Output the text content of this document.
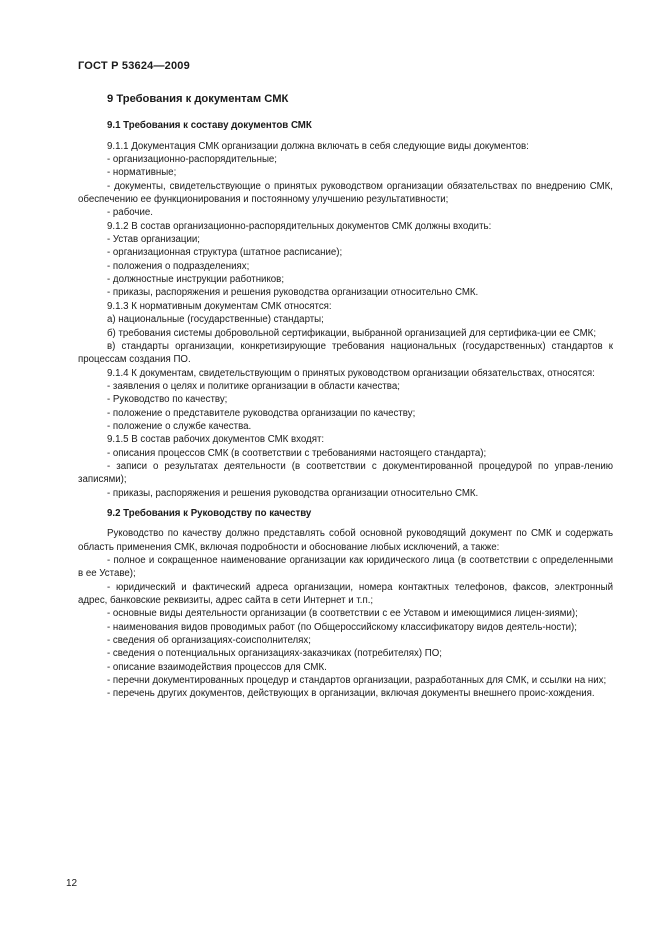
ГОСТ Р 53624—2009

9 Требования к документам СМК

9.1 Требования к составу документов СМК

9.1.1 Документация СМК организации должна включать в себя следующие виды документов:

- организационно-распорядительные;

- нормативные;

- документы, свидетельствующие о принятых руководством организации обязательствах по внедрению СМК, обеспечению ее функционирования и постоянному улучшению результативности;

- рабочие.

9.1.2 В состав организационно-распорядительных документов СМК должны входить:

- Устав организации;

- организационная структура (штатное расписание);

- положения о подразделениях;

- должностные инструкции работников;

- приказы, распоряжения и решения руководства организации относительно СМК.

9.1.3 К нормативным документам СМК относятся:

а) национальные (государственные) стандарты;

б) требования системы добровольной сертификации, выбранной организацией для сертифика-ции ее СМК;

в) стандарты организации, конкретизирующие требования национальных (государственных) стандартов к процессам создания ПО.

9.1.4 К документам, свидетельствующим о принятых руководством организации обязательствах, относятся:

- заявления о целях и политике организации в области качества;

- Руководство по качеству;

- положение о представителе руководства организации по качеству;

- положение о службе качества.

9.1.5 В состав рабочих документов СМК входят:

- описания процессов СМК (в соответствии с требованиями настоящего стандарта);

- записи о результатах деятельности (в соответствии с документированной процедурой по управ-лению записями);

- приказы, распоряжения и решения руководства организации относительно СМК.

9.2 Требования к Руководству по качеству

Руководство по качеству должно представлять собой основной руководящий документ по СМК и содержать область применения СМК, включая подробности и обоснование любых исключений, а также:

- полное и сокращенное наименование организации как юридического лица (в соответствии с определенными в ее Уставе);

- юридический и фактический адреса организации, номера контактных телефонов, факсов, электронный адрес, банковские реквизиты, адрес сайта в сети Интернет и т.п.;

- основные виды деятельности организации (в соответствии с ее Уставом и имеющимися лицен-зиями);

- наименования видов проводимых работ (по Общероссийскому классификатору видов деятель-ности);

- сведения об организациях-соисполнителях;

- сведения о потенциальных организациях-заказчиках (потребителях) ПО;

- описание взаимодействия процессов для СМК.

- перечни документированных процедур и стандартов организации, разработанных для СМК, и ссылки на них;

- перечень других документов, действующих в организации, включая документы внешнего проис-хождения.

12
